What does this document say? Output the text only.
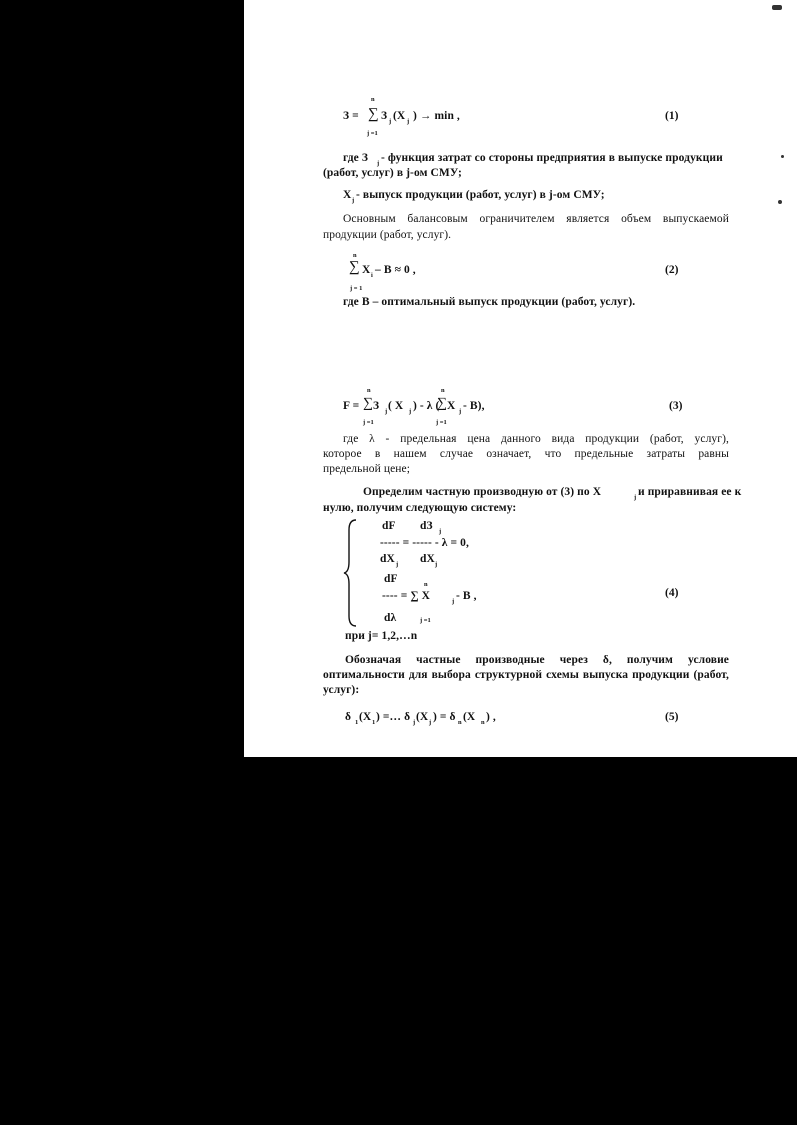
З =
n
∑
j =1
З j (X j ) → min ,	(1)
где З j - функция затрат со стороны предприятия в выпуске продукции
(работ, услуг) в j-ом СМУ;
X j - выпуск продукции (работ, услуг) в j-ом СМУ;
Основным балансовым ограничителем является объем выпускаемой
продукции (работ, услуг).
n
∑
j = 1
X i – B ≈ 0 ,	(2)
где B – оптимальный выпуск продукции (работ, услуг).
F =
n
∑
j =1
З j ( X j ) - λ (
n
∑
j =1
X j - B),	(3)
где λ - предельная цена данного вида продукции (работ, услуг),
которое в нашем случае означает, что предельные затраты равны
предельной цене;
Определим частную производную от (3) по X	j и приравнивая ее к
нулю, получим следующую систему:
dF dЗ j
----- = ----- - λ = 0,
dX j dX j
dF	n
---- = ∑ X	j - B ,
dλ	j =1
(4)
при j= 1,2,…n
Обозначая частные производные через δ, получим условие
оптимальности для выбора структурной схемы выпуска продукции (работ,
услуг):
δ 1 (X 1 ) =… δ j (X j ) = δ n (X n ) ,	(5)
